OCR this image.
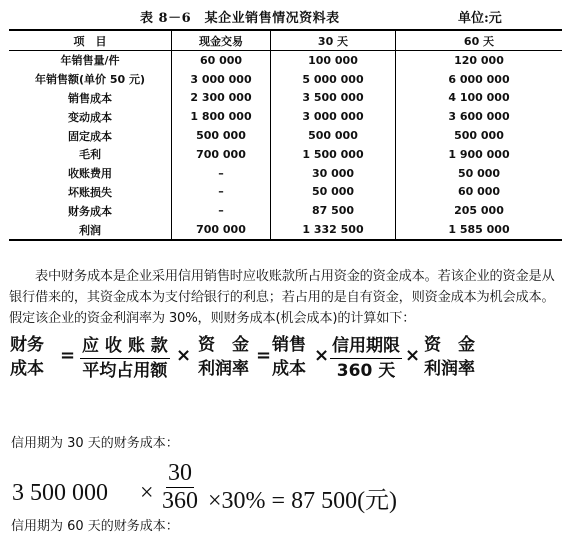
表 8－6　某企业销售情况资料表	单位:元
项　目	现金交易	30 天	60 天
年销售量/件	60 000	100 000	120 000
年销售额(单价 50 元)	3 000 000	5 000 000	6 000 000
销售成本	2 300 000	3 500 000	4 100 000
变动成本	1 800 000	3 000 000	3 600 000
固定成本	500 000	500 000	500 000
毛利	700 000	1 500 000	1 900 000
收账费用	–	30 000	50 000
坏账损失	–	50 000	60 000
财务成本	–	87 500	205 000
利润	700 000	1 332 500	1 585 000
表中财务成本是企业采用信用销售时应收账款所占用资金的资金成本。若该企业的资金是从银行借来的，其资金成本为支付给银行的利息；若占用的是自有资金，则资金成本为机会成本。假定该企业的资金利润率为 30%，则财务成本(机会成本)的计算如下：
财务
成本
= 应 收 账 款
平均占用额
× 资　金
利润率
= 销售
成本
× 信用期限
360 天
× 资　金
利润率
信用期为 30 天的财务成本：
3 500 $000 \times \frac{30}{360} \times 30\% = 87$ 500(元)
信用期为 60 天的财务成本：
